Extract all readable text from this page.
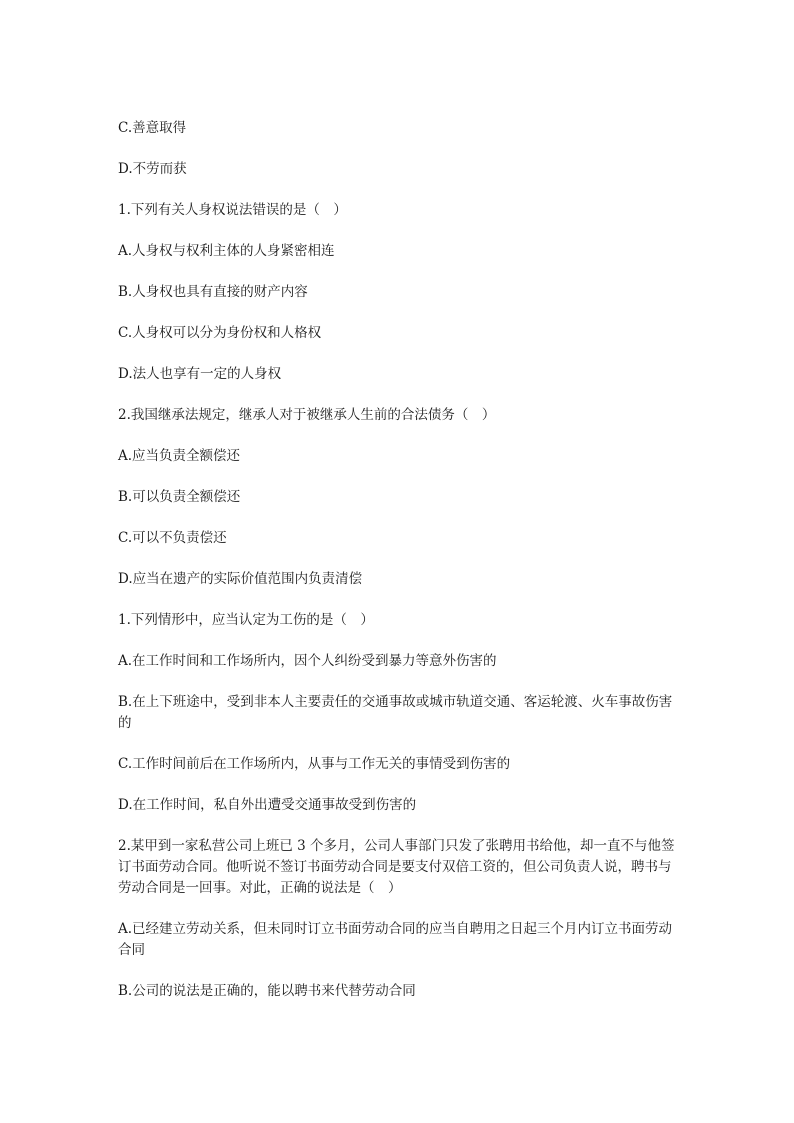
C.善意取得

D.不劳而获

1.下列有关人身权说法错误的是（　）

A.人身权与权利主体的人身紧密相连

B.人身权也具有直接的财产内容

C.人身权可以分为身份权和人格权

D.法人也享有一定的人身权

2.我国继承法规定，继承人对于被继承人生前的合法债务（　）

A.应当负责全额偿还

B.可以负责全额偿还

C.可以不负责偿还

D.应当在遗产的实际价值范围内负责清偿

1.下列情形中，应当认定为工伤的是（　）

A.在工作时间和工作场所内，因个人纠纷受到暴力等意外伤害的

B.在上下班途中，受到非本人主要责任的交通事故或城市轨道交通、客运轮渡、火车事故伤害的

C.工作时间前后在工作场所内，从事与工作无关的事情受到伤害的

D.在工作时间，私自外出遭受交通事故受到伤害的

2.某甲到一家私营公司上班已 3 个多月，公司人事部门只发了张聘用书给他，却一直不与他签订书面劳动合同。他听说不签订书面劳动合同是要支付双倍工资的，但公司负责人说，聘书与劳动合同是一回事。对此，正确的说法是（　）

A.已经建立劳动关系，但未同时订立书面劳动合同的应当自聘用之日起三个月内订立书面劳动合同

B.公司的说法是正确的，能以聘书来代替劳动合同
